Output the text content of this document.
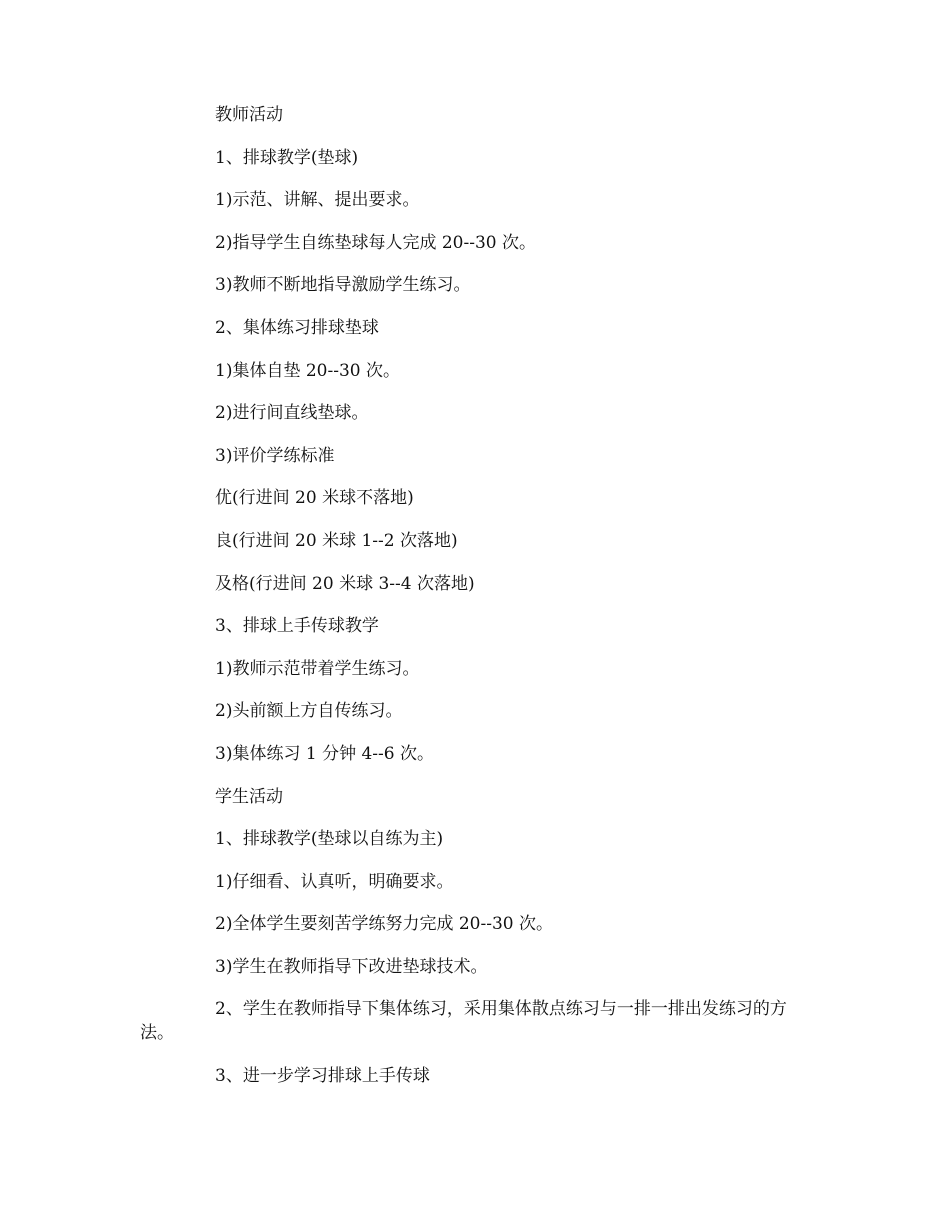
教师活动

1、排球教学(垫球)

1)示范、讲解、提出要求。

2)指导学生自练垫球每人完成 20--30 次。

3)教师不断地指导激励学生练习。

2、集体练习排球垫球

1)集体自垫 20--30 次。

2)进行间直线垫球。

3)评价学练标准

优(行进间 20 米球不落地)

良(行进间 20 米球 1--2 次落地)

及格(行进间 20 米球 3--4 次落地)

3、排球上手传球教学

1)教师示范带着学生练习。

2)头前额上方自传练习。

3)集体练习 1 分钟 4--6 次。

学生活动

1、排球教学(垫球以自练为主)

1)仔细看、认真听，明确要求。

2)全体学生要刻苦学练努力完成 20--30 次。

3)学生在教师指导下改进垫球技术。

2、学生在教师指导下集体练习，采用集体散点练习与一排一排出发练习的方法。

3、进一步学习排球上手传球
